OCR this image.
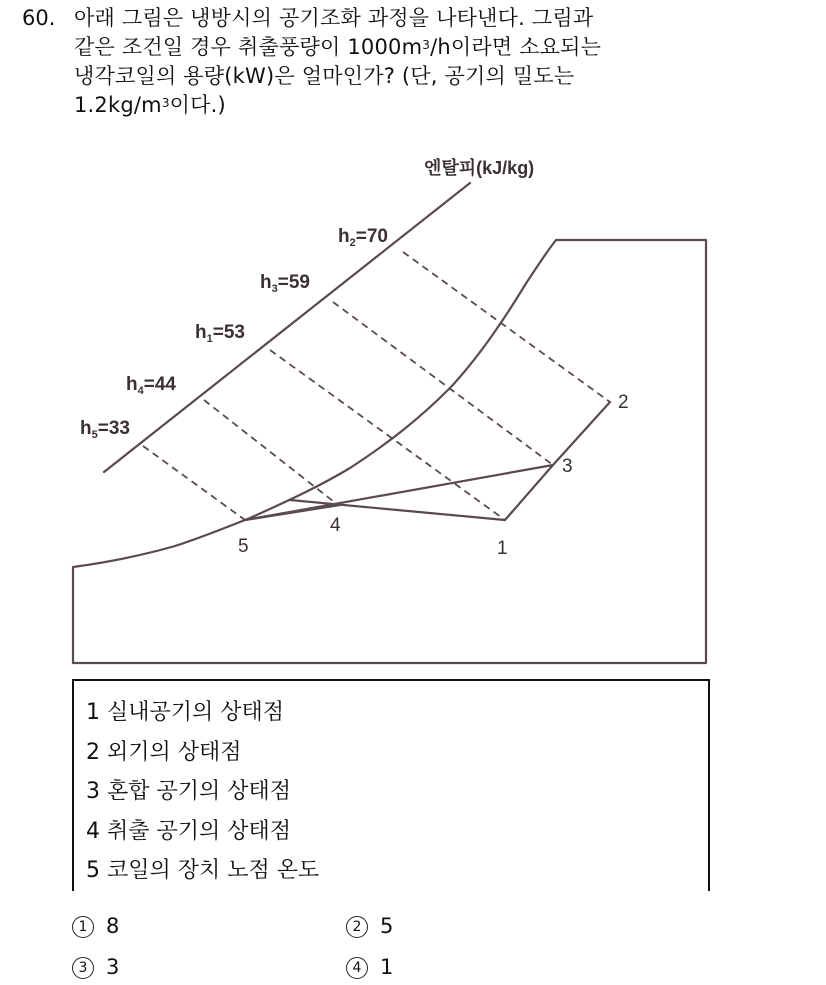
60. 아래 그림은 냉방시의 공기조화 과정을 나타낸다. 그림과
같은 조건일 경우 취출풍량이 $1000m^3/h$이라면 소요되는
냉각코일의 용량(kW)은 얼마인가? (단, 공기의 밀도는
$1.2kg/m^3$이다.)
엔탈피(kJ/kg)
$h_2=70$
$h_3=59$
$h_1=53$
$h_4=44$
$h_5=33$
1
2
3
4
5
1 실내공기의 상태점
2 외기의 상태점
3 혼합 공기의 상태점
4 취출 공기의 상태점
5 코일의 장치 노점 온도
1 8	2 5
3 3	4 1
